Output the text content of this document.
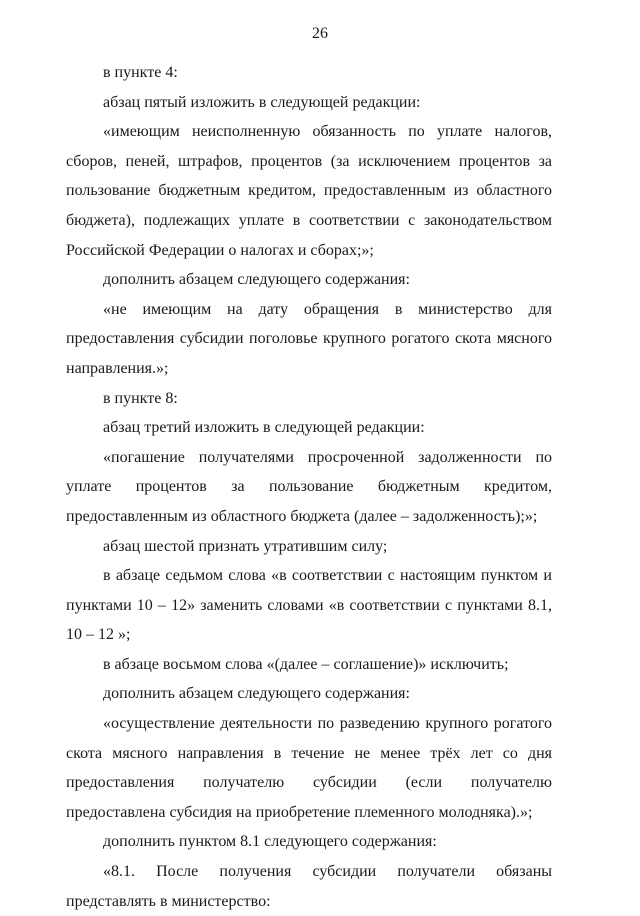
26

в пункте 4:

абзац пятый изложить в следующей редакции:

«имеющим неисполненную обязанность по уплате налогов, сборов, пеней, штрафов, процентов (за исключением процентов за пользование бюджетным кредитом, предоставленным из областного бюджета), подлежащих уплате в соответствии с законодательством Российской Федерации о налогах и сборах;»;

дополнить абзацем следующего содержания:

«не имеющим на дату обращения в министерство для предоставления субсидии поголовье крупного рогатого скота мясного направления.»;

в пункте 8:

абзац третий изложить в следующей редакции:

«погашение получателями просроченной задолженности по уплате процентов за пользование бюджетным кредитом, предоставленным из областного бюджета (далее – задолженность);»;

абзац шестой признать утратившим силу;

в абзаце седьмом слова «в соответствии с настоящим пунктом и пунктами 10 – 12» заменить словами «в соответствии с пунктами 8.1, 10 – 12 »;

в абзаце восьмом слова «(далее – соглашение)» исключить;

дополнить абзацем следующего содержания:

«осуществление деятельности по разведению крупного рогатого скота мясного направления в течение не менее трёх лет со дня предоставления получателю субсидии (если получателю предоставлена субсидия на приобретение племенного молодняка).»;

дополнить пунктом 8.1 следующего содержания:

«8.1. После получения субсидии получатели обязаны представлять в министерство:
